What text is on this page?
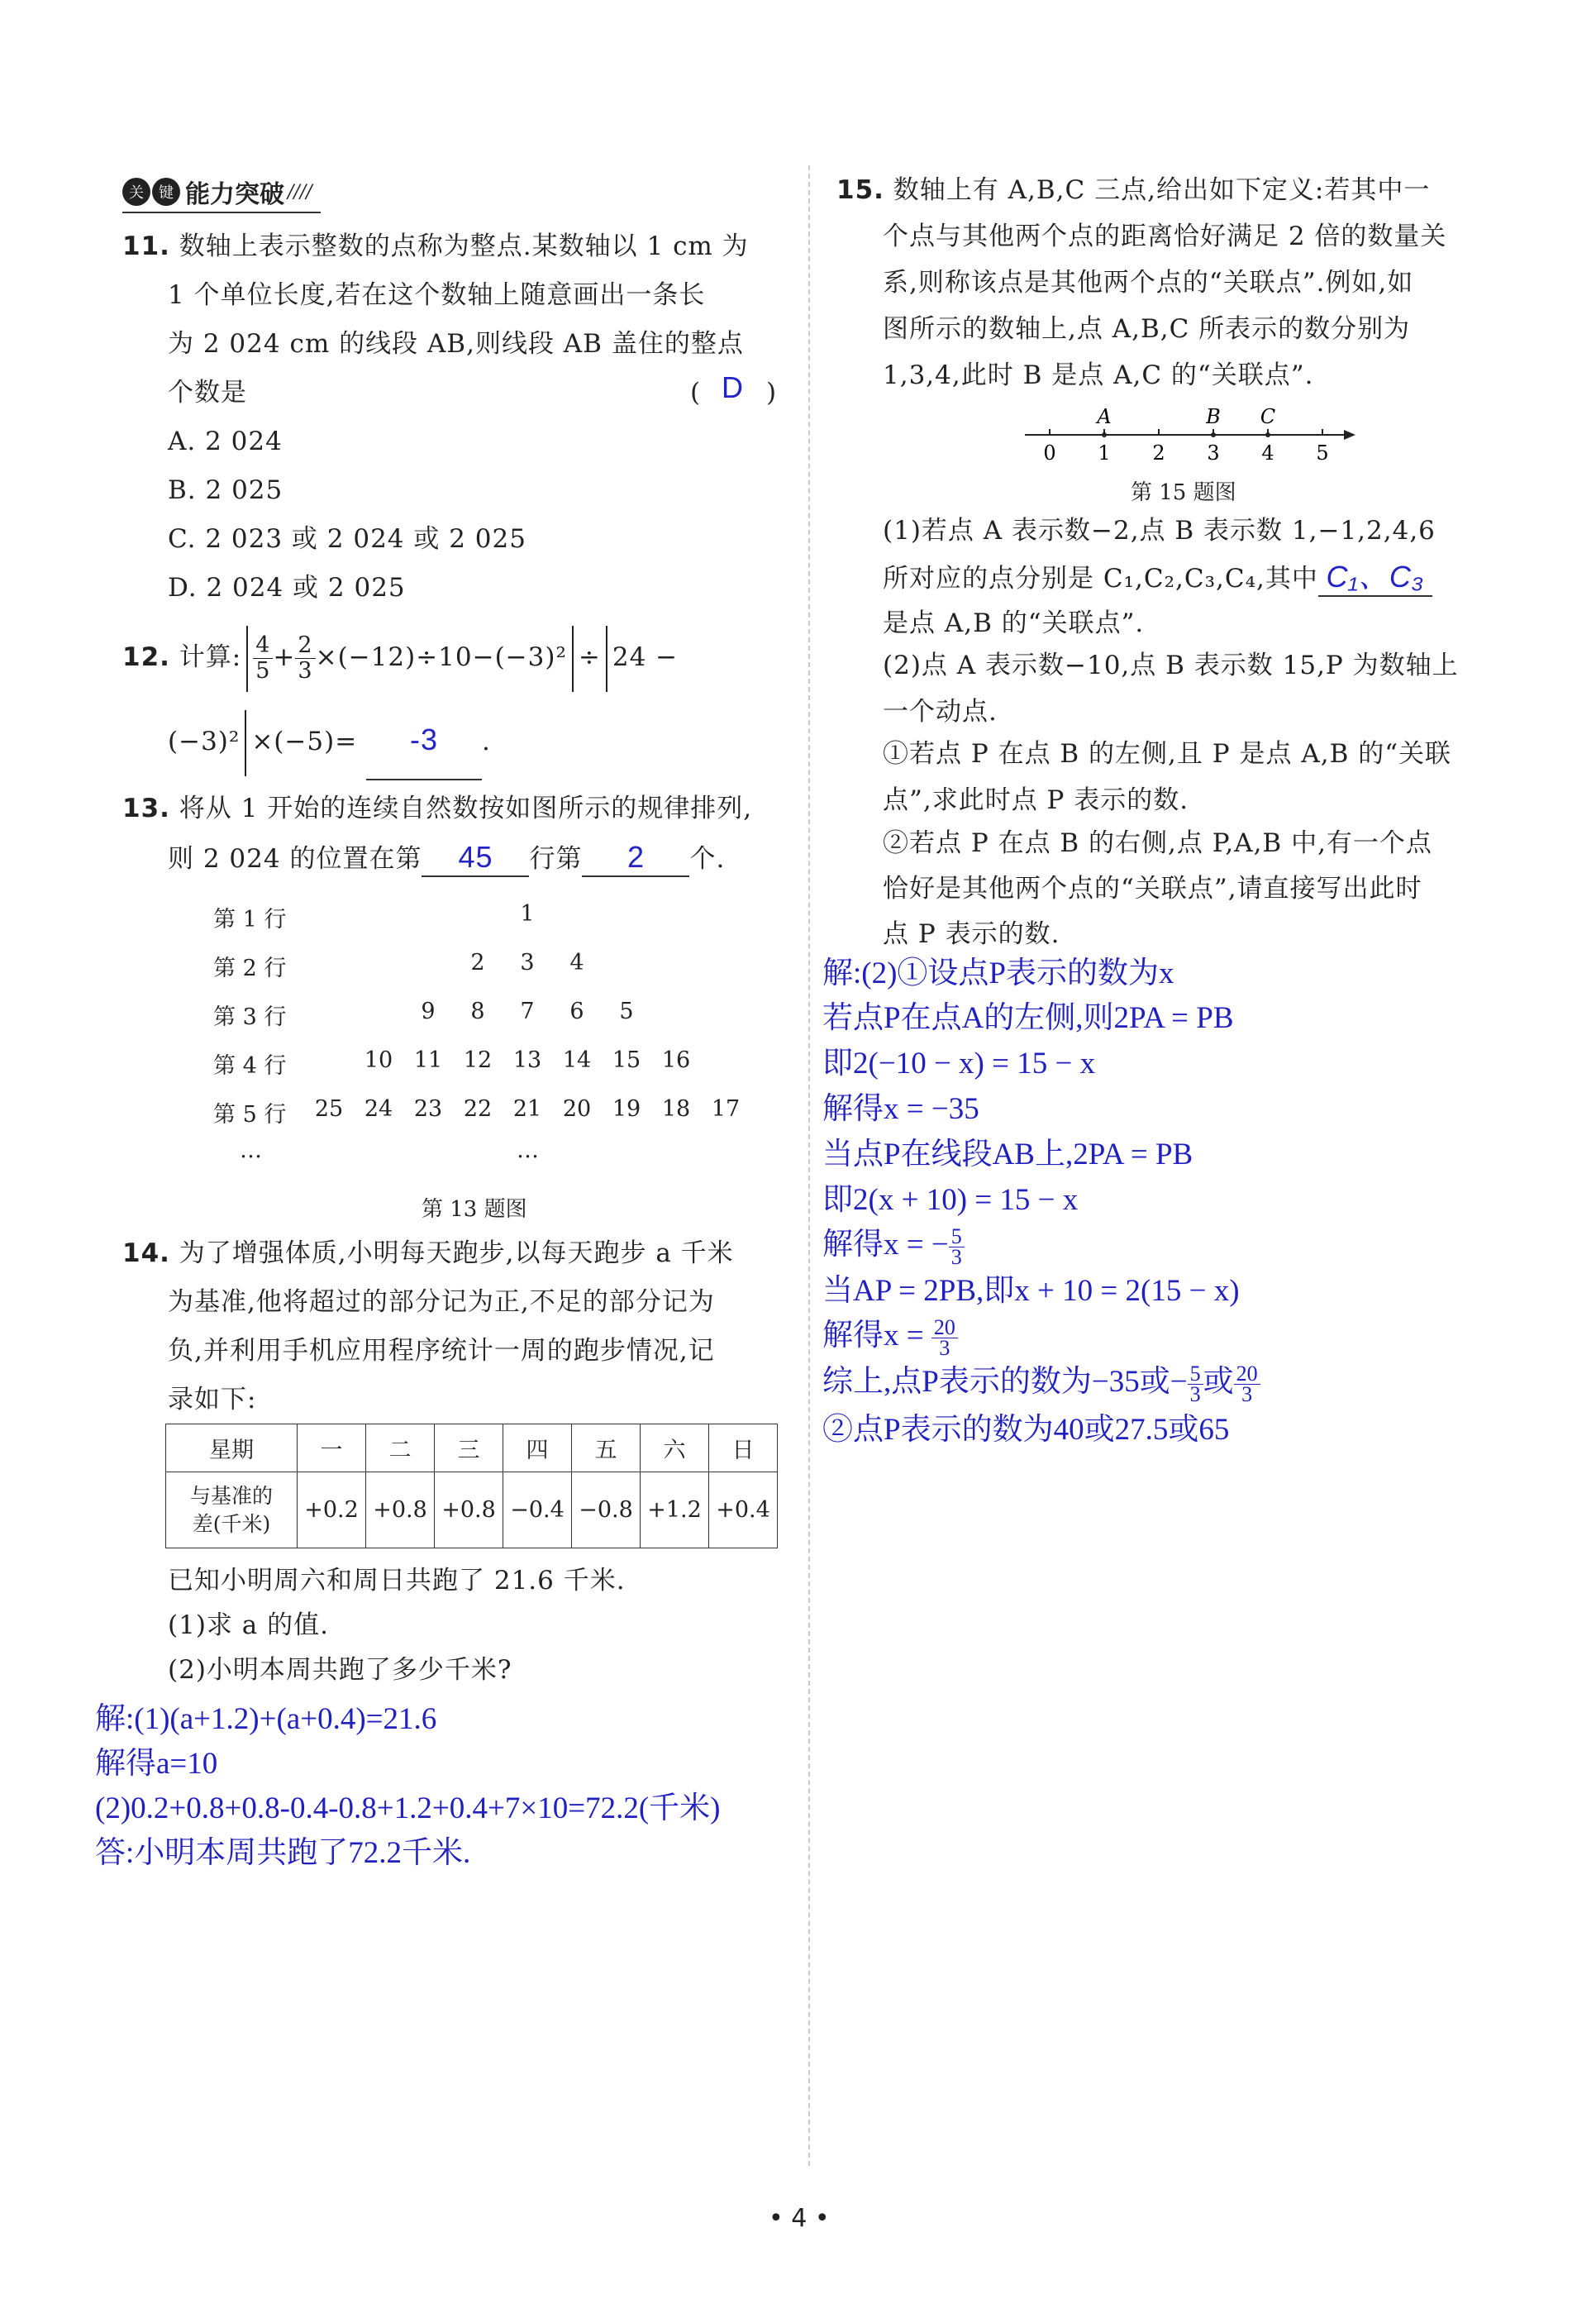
关	键 能力突破 ////
11. 数轴上表示整数的点称为整点.某数轴以 1 cm 为
1 个单位长度,若在这个数轴上随意画出一条长
为 2 024 cm 的线段 AB,则线段 AB 盖住的整点
个数是	( D )
A. 2 024
B. 2 025
C. 2 023 或 2 024 或 2 025
D. 2 024 或 2 025
12. 计算: $\frac{4}{5} + \frac{2}{3} \times(-12)\div 10-(-3)^2 \div 24$ −
(−3)² ×(−5)= -3 .
13. 将从 1 开始的连续自然数按如图所示的规律排列,
则 2 024 的位置在第 45 行第 2 个.
第 1 行	1
第 2 行	2	3	4
第 3 行	9	8	7	6	5
第 4 行	10 11 12 13 14 15 16
第 5 行 25 24 23 22 21 20 19 18 17
…	…
第 13 题图
14. 为了增强体质,小明每天跑步,以每天跑步 a 千米
为基准,他将超过的部分记为正,不足的部分记为
负,并利用手机应用程序统计一周的跑步情况,记
录如下:
星期	一	二	三	四	五	六	日

与基准的
差(千米)	+0.2	+0.8	+0.8	−0.4	−0.8	+1.2	+0.4
已知小明周六和周日共跑了 21.6 千米.
(1)求 a 的值.
(2)小明本周共跑了多少千米?
解:(1)(a+1.2)+(a+0.4)=21.6
解得a=10
(2)0.2+0.8+0.8-0.4-0.8+1.2+0.4+7×10=72.2(千米)
答:小明本周共跑了72.2千米.
15. 数轴上有 A,B,C 三点,给出如下定义:若其中一
个点与其他两个点的距离恰好满足 2 倍的数量关
系,则称该点是其他两个点的“关联点”.例如,如
图所示的数轴上,点 A,B,C 所表示的数分别为
1,3,4,此时 B 是点 A,C 的“关联点”.
0 1 2 3 4 5
A	B C
第 15 题图
(1)若点 A 表示数−2,点 B 表示数 1,−1,2,4,6
所对应的点分别是 C₁,C₂,C₃,C₄,其中 C₁、C₃
是点 A,B 的“关联点”.
(2)点 A 表示数−10,点 B 表示数 15,P 为数轴上
一个动点.
①若点 P 在点 B 的左侧,且 P 是点 A,B 的“关联
点”,求此时点 P 表示的数.
②若点 P 在点 B 的右侧,点 P,A,B 中,有一个点
恰好是其他两个点的“关联点”,请直接写出此时
点 P 表示的数.
解:(2)①设点P表示的数为x
若点P在点A的左侧,则2PA = PB
即2(−10 − x) = 15 − x
解得x = −35
当点P在线段AB上,2PA = PB
即2(x + 10) = 15 − x
解得x = − $\frac{5}{3}$
当AP = 2PB,即x + 10 = 2(15 − x)
解得$x = \frac{20}{3}$
综上,点P表示的数为−35或− $\frac{5}{3}$ 或 $\frac{20}{3}$
②点P表示的数为40或27.5或65
• 4 •
